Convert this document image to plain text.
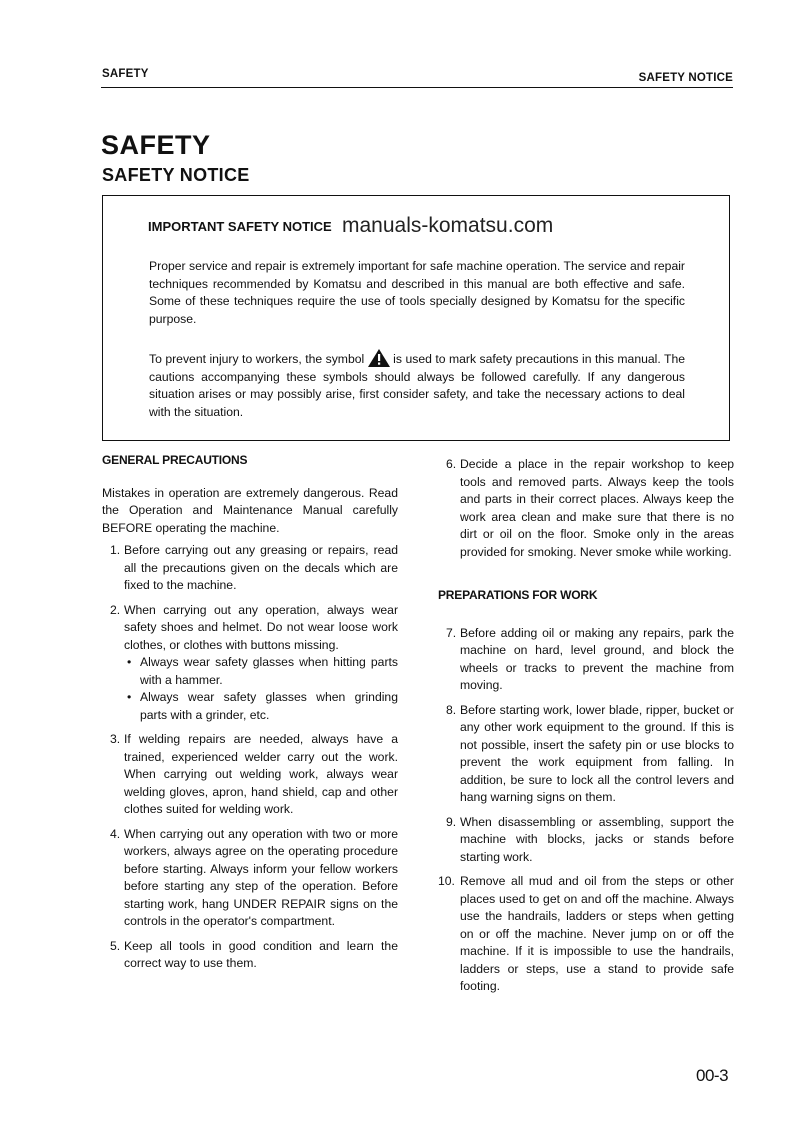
SAFETY	SAFETY NOTICE
SAFETY
SAFETY NOTICE
IMPORTANT SAFETY NOTICE manuals-komatsu.com
Proper service and repair is extremely important for safe machine operation. The service and repair techniques recommended by Komatsu and described in this manual are both effective and safe. Some of these techniques require the use of tools specially designed by Komatsu for the specific purpose.
To prevent injury to workers, the symbol  is used to mark safety precautions in this manual. The cautions accompanying these symbols should always be followed carefully. If any dangerous situation arises or may possibly arise, first consider safety, and take the necessary actions to deal with the situation.
GENERAL PRECAUTIONS
Mistakes in operation are extremely dangerous. Read the Operation and Maintenance Manual carefully BEFORE operating the machine.
1. Before carrying out any greasing or repairs, read all the precautions given on the decals which are fixed to the machine.
2. When carrying out any operation, always wear safety shoes and helmet. Do not wear loose work clothes, or clothes with buttons missing.
• Always wear safety glasses when hitting parts with a hammer.
• Always wear safety glasses when grinding parts with a grinder, etc.
3. If welding repairs are needed, always have a trained, experienced welder carry out the work. When carrying out welding work, always wear welding gloves, apron, hand shield, cap and other clothes suited for welding work.
4. When carrying out any operation with two or more workers, always agree on the operating procedure before starting. Always inform your fellow workers before starting any step of the operation. Before starting work, hang UNDER REPAIR signs on the controls in the operator's compartment.
5. Keep all tools in good condition and learn the correct way to use them.
6. Decide a place in the repair workshop to keep tools and removed parts. Always keep the tools and parts in their correct places. Always keep the work area clean and make sure that there is no dirt or oil on the floor. Smoke only in the areas provided for smoking. Never smoke while working.
PREPARATIONS FOR WORK
7. Before adding oil or making any repairs, park the machine on hard, level ground, and block the wheels or tracks to prevent the machine from moving.
8. Before starting work, lower blade, ripper, bucket or any other work equipment to the ground. If this is not possible, insert the safety pin or use blocks to prevent the work equipment from falling. In addition, be sure to lock all the control levers and hang warning signs on them.
9. When disassembling or assembling, support the machine with blocks, jacks or stands before starting work.
10. Remove all mud and oil from the steps or other places used to get on and off the machine. Always use the handrails, ladders or steps when getting on or off the machine. Never jump on or off the machine. If it is impossible to use the handrails, ladders or steps, use a stand to provide safe footing.
00-3
